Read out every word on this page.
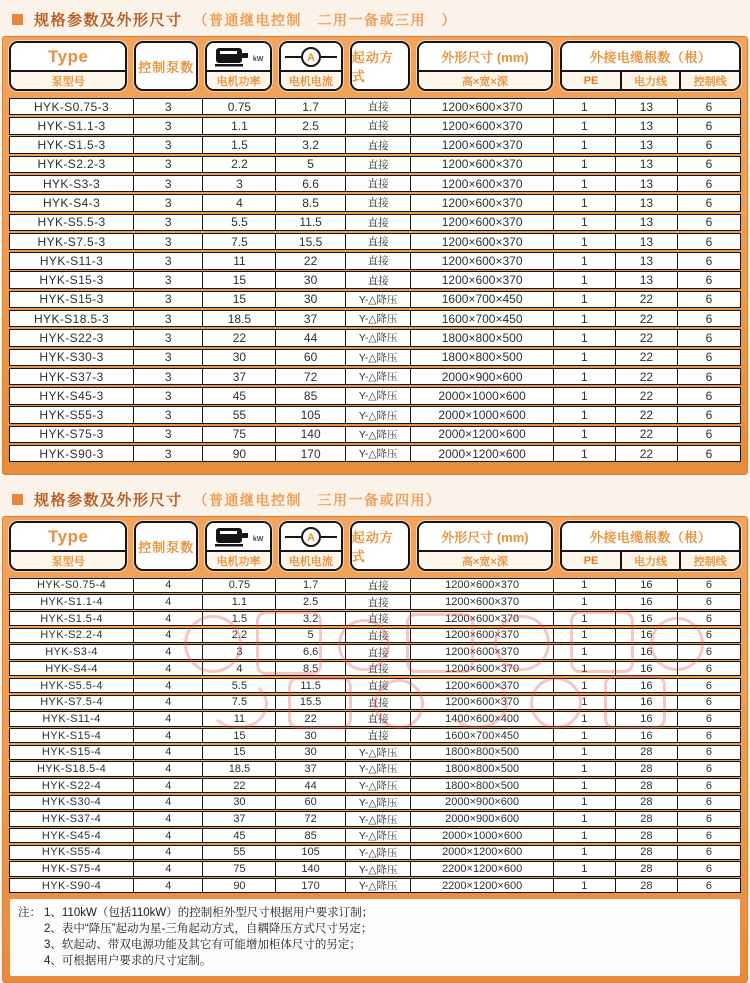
规格参数及外形尺寸 （普通继电控制　二用一备或三用　）
Type
泵型号
控制泵数	kW
电机功率
A
电机电流
起动方式
外形尺寸 (mm)
高×宽×深
外接电缆根数（根）
PE	电力线	控制线
HYK-S0.75-3	3	0.75	1.7	直接	1200×600×370	1	13	6
HYK-S1.1-3	3	1.1	2.5	直接	1200×600×370	1	13	6
HYK-S1.5-3	3	1.5	3.2	直接	1200×600×370	1	13	6
HYK-S2.2-3	3	2.2	5	直接	1200×600×370	1	13	6
HYK-S3-3	3	3	6.6	直接	1200×600×370	1	13	6
HYK-S4-3	3	4	8.5	直接	1200×600×370	1	13	6
HYK-S5.5-3	3	5.5	11.5	直接	1200×600×370	1	13	6
HYK-S7.5-3	3	7.5	15.5	直接	1200×600×370	1	13	6
HYK-S11-3	3	11	22	直接	1200×600×370	1	13	6
HYK-S15-3	3	15	30	直接	1200×600×370	1	13	6
HYK-S15-3	3	15	30	Y-△降压	1600×700×450	1	22	6
HYK-S18.5-3	3	18.5	37	Y-△降压	1600×700×450	1	22	6
HYK-S22-3	3	22	44	Y-△降压	1800×800×500	1	22	6
HYK-S30-3	3	30	60	Y-△降压	1800×800×500	1	22	6
HYK-S37-3	3	37	72	Y-△降压	2000×900×600	1	22	6
HYK-S45-3	3	45	85	Y-△降压	2000×1000×600	1	22	6
HYK-S55-3	3	55	105	Y-△降压	2000×1000×600	1	22	6
HYK-S75-3	3	75	140	Y-△降压	2000×1200×600	1	22	6
HYK-S90-3	3	90	170	Y-△降压	2000×1200×600	1	22	6
规格参数及外形尺寸 （普通继电控制　三用一备或四用）
Type
泵型号
控制泵数	kW
电机功率
A
电机电流
起动方式
外形尺寸 (mm)
高×宽×深
外接电缆根数（根）
PE	电力线	控制线
HYK-S0.75-4	4	0.75	1.7	直接	1200×600×370	1	16	6
HYK-S1.1-4	4	1.1	2.5	直接	1200×600×370	1	16	6
HYK-S1.5-4	4	1.5	3.2	直接	1200×600×370	1	16	6
HYK-S2.2-4	4	2.2	5	直接	1200×600×370	1	16	6
HYK-S3-4	4	3	6.6	直接	1200×600×370	1	16	6
HYK-S4-4	4	4	8.5	直接	1200×600×370	1	16	6
HYK-S5.5-4	4	5.5	11.5	直接	1200×600×370	1	16	6
HYK-S7.5-4	4	7.5	15.5	直接	1200×600×370	1	16	6
HYK-S11-4	4	11	22	直接	1400×600×400	1	16	6
HYK-S15-4	4	15	30	直接	1600×700×450	1	16	6
HYK-S15-4	4	15	30	Y-△降压	1800×800×500	1	28	6
HYK-S18.5-4	4	18.5	37	Y-△降压	1800×800×500	1	28	6
HYK-S22-4	4	22	44	Y-△降压	1800×800×500	1	28	6
HYK-S30-4	4	30	60	Y-△降压	2000×900×600	1	28	6
HYK-S37-4	4	37	72	Y-△降压	2000×900×600	1	28	6
HYK-S45-4	4	45	85	Y-△降压	2000×1000×600	1	28	6
HYK-S55-4	4	55	105	Y-△降压	2000×1200×600	1	28	6
HYK-S75-4	4	75	140	Y-△降压	2200×1200×600	1	28	6
HYK-S90-4	4	90	170	Y-△降压	2200×1200×600	1	28	6
注： 1、110kW（包括110kW）的控制柜外型尺寸根据用户要求订制；
2、表中“降压”起动为星-三角起动方式，自耦降压方式尺寸另定；
3、软起动、带双电源功能及其它有可能增加柜体尺寸的另定；
4、可根据用户要求的尺寸定制。
